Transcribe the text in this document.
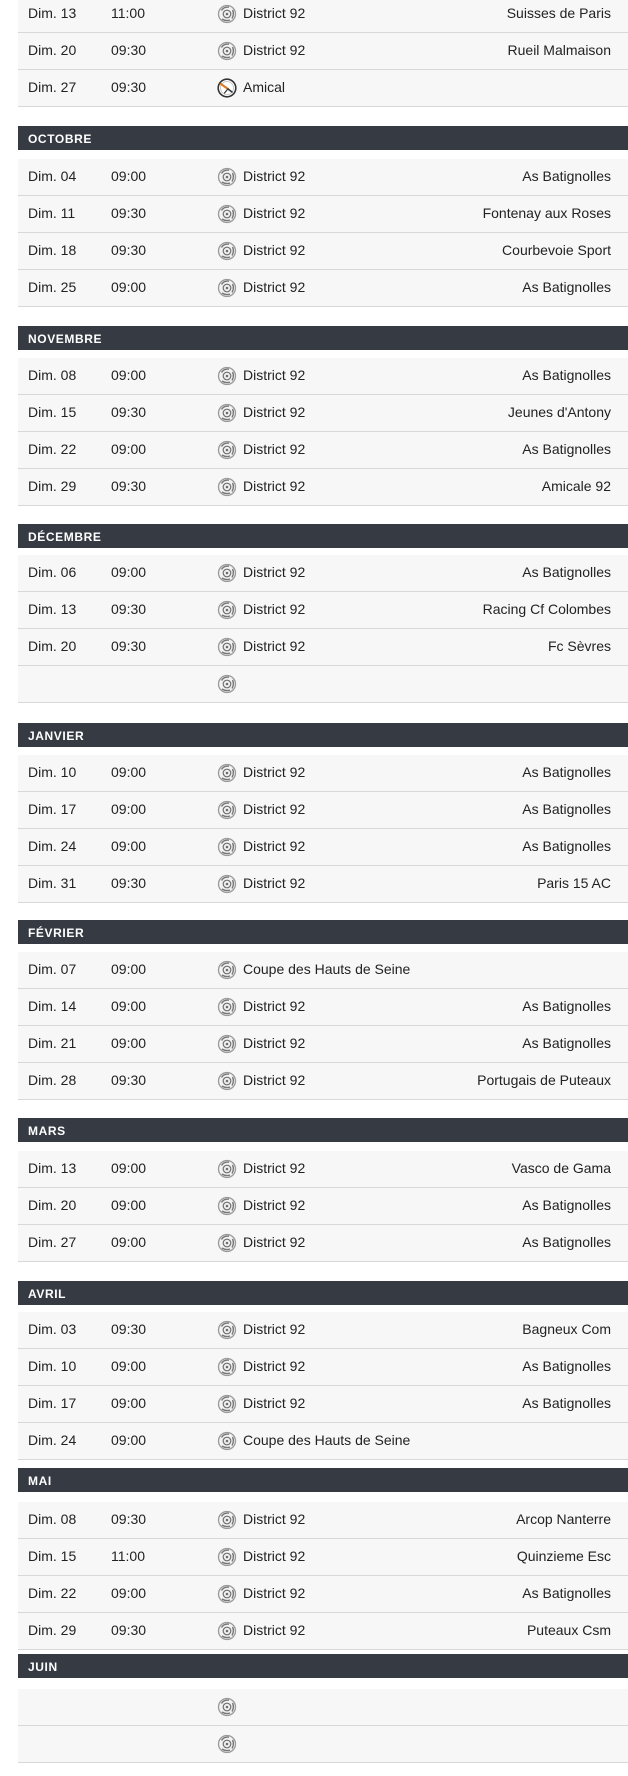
Dim. 13 11:00	District 92	Suisses de Paris
Dim. 20 09:30	District 92	Rueil Malmaison
Dim. 27 09:30	Amical
OCTOBRE
Dim. 04 09:00	District 92	As Batignolles
Dim. 11	09:30	District 92	Fontenay aux Roses
Dim. 18 09:30	District 92	Courbevoie Sport
Dim. 25 09:00	District 92	As Batignolles
NOVEMBRE
Dim. 08 09:00	District 92	As Batignolles
Dim. 15 09:30	District 92	Jeunes d'Antony
Dim. 22 09:00	District 92	As Batignolles
Dim. 29 09:30	District 92	Amicale 92
DÉCEMBRE
Dim. 06 09:00	District 92	As Batignolles
Dim. 13 09:30	District 92	Racing Cf Colombes
Dim. 20 09:30	District 92	Fc Sèvres
JANVIER
Dim. 10 09:00	District 92	As Batignolles
Dim. 17 09:00	District 92	As Batignolles
Dim. 24 09:00	District 92	As Batignolles
Dim. 31 09:30	District 92	Paris 15 AC
FÉVRIER
Dim. 07 09:00	Coupe des Hauts de Seine
Dim. 14 09:00	District 92	As Batignolles
Dim. 21 09:00	District 92	As Batignolles
Dim. 28 09:30	District 92	Portugais de Puteaux
MARS
Dim. 13 09:00	District 92	Vasco de Gama
Dim. 20 09:00	District 92	As Batignolles
Dim. 27 09:00	District 92	As Batignolles
AVRIL
Dim. 03 09:30	District 92	Bagneux Com
Dim. 10 09:00	District 92	As Batignolles
Dim. 17 09:00	District 92	As Batignolles
Dim. 24 09:00	Coupe des Hauts de Seine
MAI
Dim. 08 09:30	District 92	Arcop Nanterre
Dim. 15 11:00	District 92	Quinzieme Esc
Dim. 22 09:00	District 92	As Batignolles
Dim. 29 09:30	District 92	Puteaux Csm
JUIN
